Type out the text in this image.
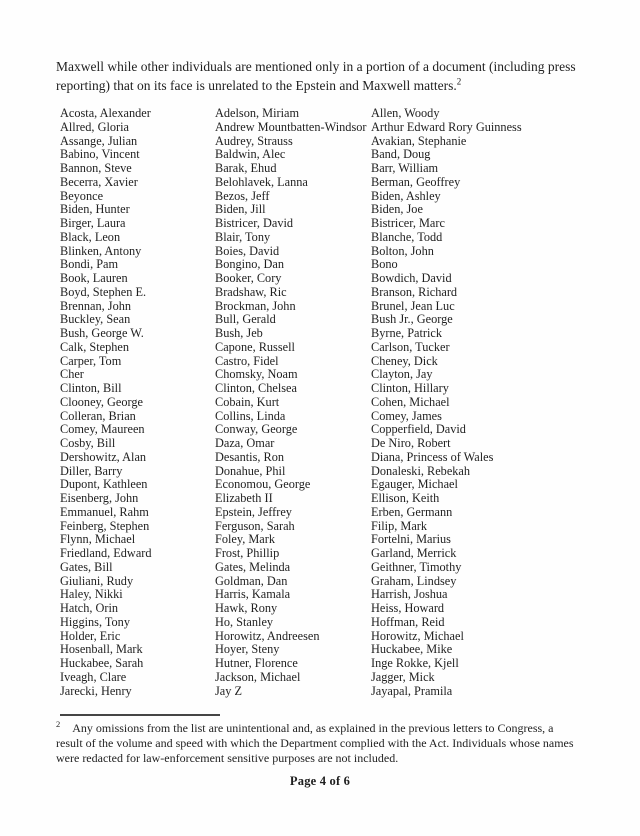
Maxwell while other individuals are mentioned only in a portion of a document (including press
reporting) that on its face is unrelated to the Epstein and Maxwell matters.$^2$
Acosta, Alexander
Allred, Gloria
Assange, Julian
Babino, Vincent
Bannon, Steve
Becerra, Xavier
Beyonce
Biden, Hunter
Birger, Laura
Black, Leon
Blinken, Antony
Bondi, Pam
Book, Lauren
Boyd, Stephen E.
Brennan, John
Buckley, Sean
Bush, George W.
Calk, Stephen
Carper, Tom
Cher
Clinton, Bill
Clooney, George
Colleran, Brian
Comey, Maureen
Cosby, Bill
Dershowitz, Alan
Diller, Barry
Dupont, Kathleen
Eisenberg, John
Emmanuel, Rahm
Feinberg, Stephen
Flynn, Michael
Friedland, Edward
Gates, Bill
Giuliani, Rudy
Haley, Nikki
Hatch, Orin
Higgins, Tony
Holder, Eric
Hosenball, Mark
Huckabee, Sarah
Iveagh, Clare
Jarecki, Henry
Adelson, Miriam
Andrew Mountbatten-Windsor
Audrey, Strauss
Baldwin, Alec
Barak, Ehud
Belohlavek, Lanna
Bezos, Jeff
Biden, Jill
Bistricer, David
Blair, Tony
Boies, David
Bongino, Dan
Booker, Cory
Bradshaw, Ric
Brockman, John
Bull, Gerald
Bush, Jeb
Capone, Russell
Castro, Fidel
Chomsky, Noam
Clinton, Chelsea
Cobain, Kurt
Collins, Linda
Conway, George
Daza, Omar
Desantis, Ron
Donahue, Phil
Economou, George
Elizabeth II
Epstein, Jeffrey
Ferguson, Sarah
Foley, Mark
Frost, Phillip
Gates, Melinda
Goldman, Dan
Harris, Kamala
Hawk, Rony
Ho, Stanley
Horowitz, Andreesen
Hoyer, Steny
Hutner, Florence
Jackson, Michael
Jay Z
Allen, Woody
Arthur Edward Rory Guinness
Avakian, Stephanie
Band, Doug
Barr, William
Berman, Geoffrey
Biden, Ashley
Biden, Joe
Bistricer, Marc
Blanche, Todd
Bolton, John
Bono
Bowdich, David
Branson, Richard
Brunel, Jean Luc
Bush Jr., George
Byrne, Patrick
Carlson, Tucker
Cheney, Dick
Clayton, Jay
Clinton, Hillary
Cohen, Michael
Comey, James
Copperfield, David
De Niro, Robert
Diana, Princess of Wales
Donaleski, Rebekah
Egauger, Michael
Ellison, Keith
Erben, Germann
Filip, Mark
Fortelni, Marius
Garland, Merrick
Geithner, Timothy
Graham, Lindsey
Harrish, Joshua
Heiss, Howard
Hoffman, Reid
Horowitz, Michael
Huckabee, Mike
Inge Rokke, Kjell
Jagger, Mick
Jayapal, Pramila
$^2$ Any omissions from the list are unintentional and, as explained in the previous letters to Congress, a
result of the volume and speed with which the Department complied with the Act. Individuals whose names
were redacted for law-enforcement sensitive purposes are not included.
Page 4 of 6
